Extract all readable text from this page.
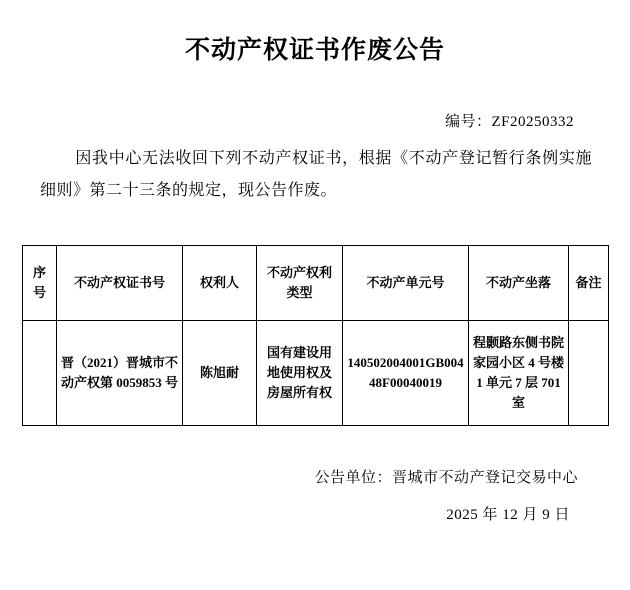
不动产权证书作废公告
编号：ZF20250332
因我中心无法收回下列不动产权证书，根据《不动产登记暂行条例实施细则》第二十三条的规定，现公告作废。
序号	不动产权证书号	权利人	不动产权利类型	不动产单元号	不动产坐落	备注
	晋（2021）晋城市不动产权第 0059853 号	陈旭耐	国有建设用地使用权及房屋所有权	140502004001GB00448F00040019	程颢路东侧书院家园小区 4 号楼 1 单元 7 层 701 室	
公告单位：晋城市不动产登记交易中心
2025 年 12 月 9 日
